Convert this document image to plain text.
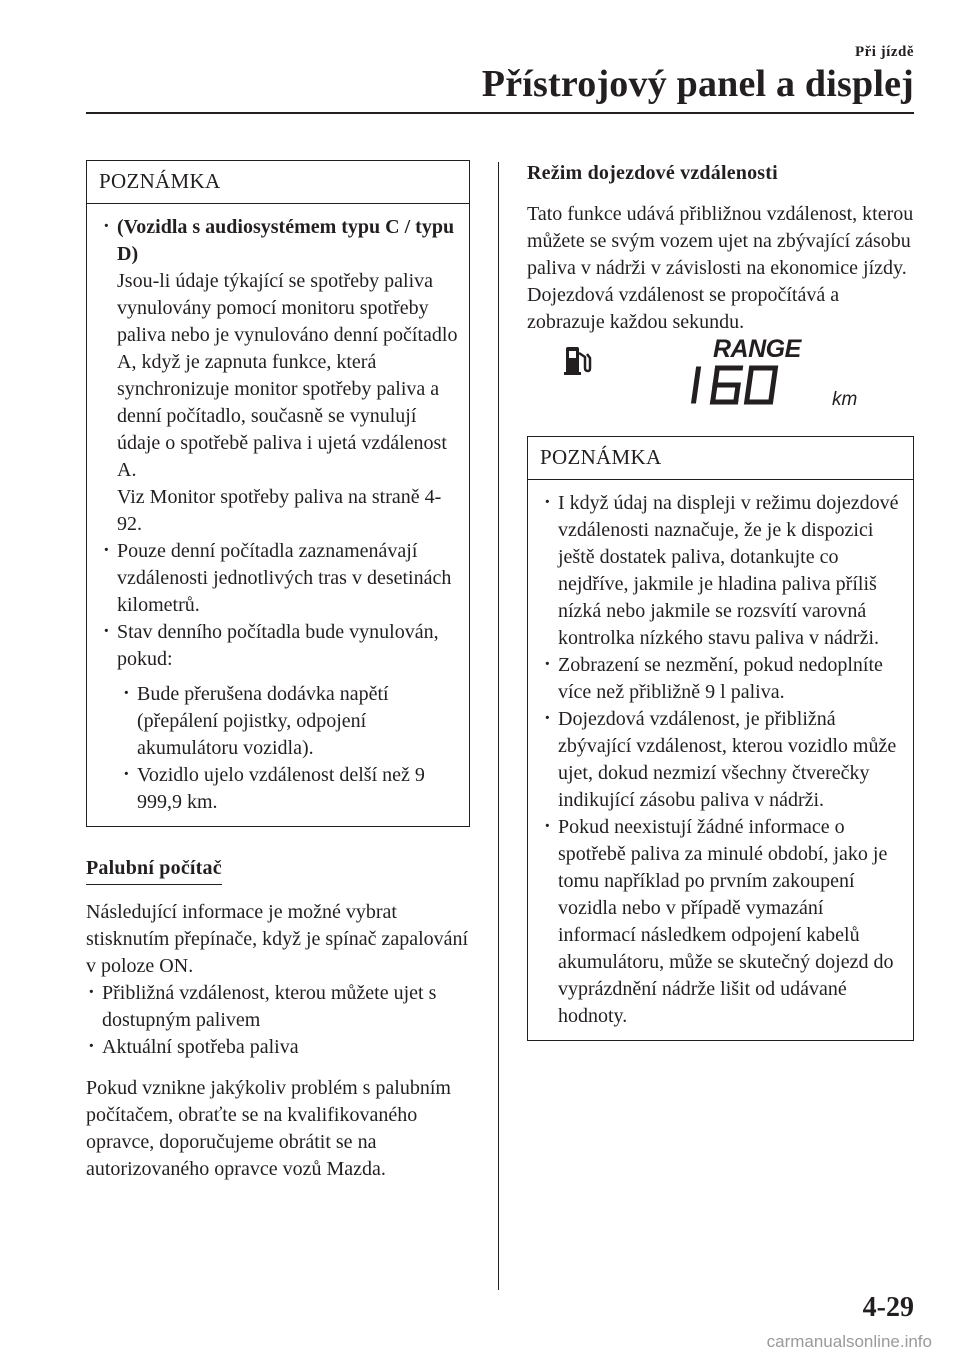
Při jízdě
Přístrojový panel a displej
POZNÁMKA
· (Vozidla s audiosystémem typu C / typu D)
Jsou-li údaje týkající se spotřeby paliva vynulovány pomocí monitoru spotřeby paliva nebo je vynulováno denní počítadlo A, když je zapnuta funkce, která synchronizuje monitor spotřeby paliva a denní počítadlo, současně se vynulují údaje o spotřebě paliva i ujetá vzdálenost A.
Viz Monitor spotřeby paliva na straně 4-92.
· Pouze denní počítadla zaznamenávají vzdálenosti jednotlivých tras v desetinách kilometrů.
· Stav denního počítadla bude vynulován, pokud:
· Bude přerušena dodávka napětí (přepálení pojistky, odpojení akumulátoru vozidla).
· Vozidlo ujelo vzdálenost delší než 9 999,9 km.
Palubní počítač

Následující informace je možné vybrat stisknutím přepínače, když je spínač zapalování v poloze ON.

· Přibližná vzdálenost, kterou můžete ujet s dostupným palivem
· Aktuální spotřeba paliva

Pokud vznikne jakýkoliv problém s palubním počítačem, obraťte se na kvalifikovaného opravce, doporučujeme obrátit se na autorizovaného opravce vozů Mazda.

Režim dojezdové vzdálenosti

Tato funkce udává přibližnou vzdálenost, kterou můžete se svým vozem ujet na zbývající zásobu paliva v nádrži v závislosti na ekonomice jízdy. Dojezdová vzdálenost se propočítává a zobrazuje každou sekundu.

RANGE
160
km
POZNÁMKA
· I když údaj na displeji v režimu dojezdové vzdálenosti naznačuje, že je k dispozici ještě dostatek paliva, dotankujte co nejdříve, jakmile je hladina paliva příliš nízká nebo jakmile se rozsvítí varovná kontrolka nízkého stavu paliva v nádrži.
· Zobrazení se nezmění, pokud nedoplníte více než přibližně 9 l paliva.
· Dojezdová vzdálenost, je přibližná zbývající vzdálenost, kterou vozidlo může ujet, dokud nezmizí všechny čtverečky indikující zásobu paliva v nádrži.
· Pokud neexistují žádné informace o spotřebě paliva za minulé období, jako je tomu například po prvním zakoupení vozidla nebo v případě vymazání informací následkem odpojení kabelů akumulátoru, může se skutečný dojezd do vyprázdnění nádrže lišit od udávané hodnoty.
4-29
carmanualsonline.info
